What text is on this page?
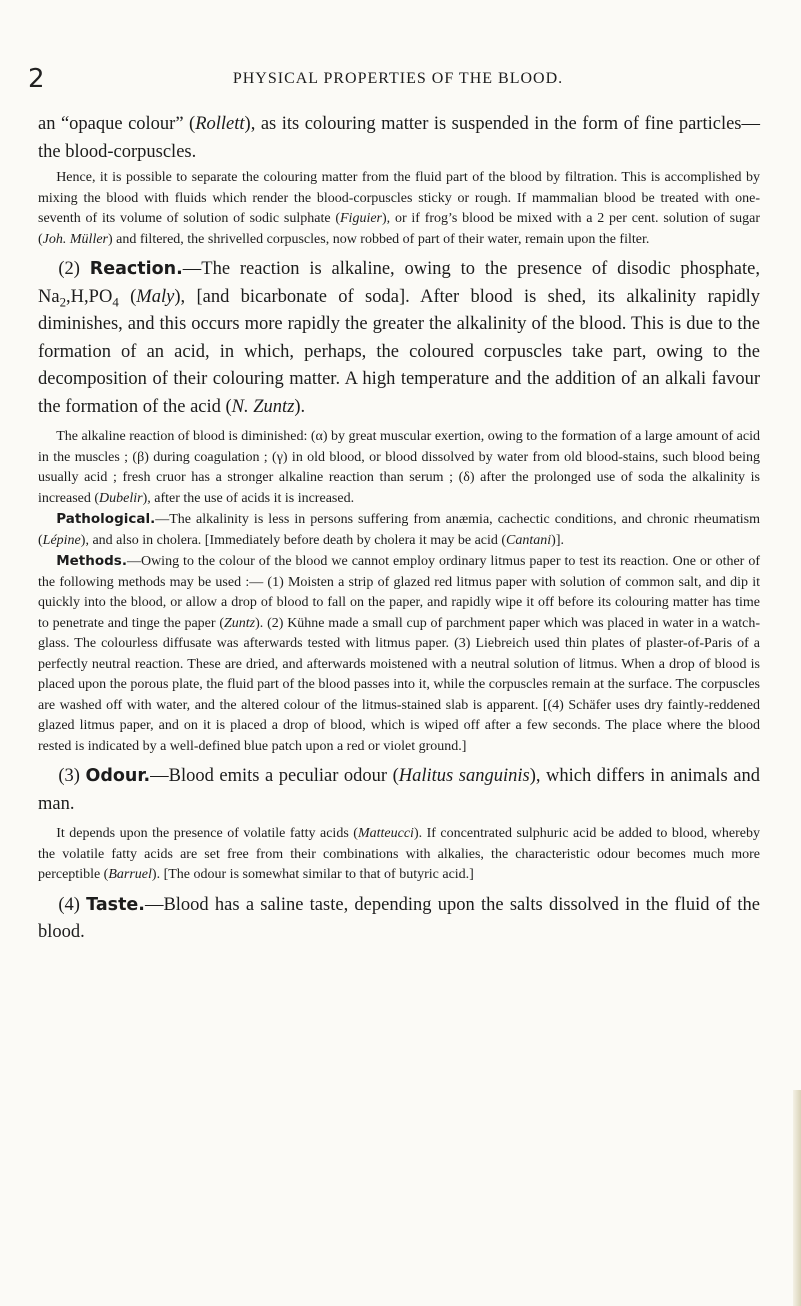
2	PHYSICAL PROPERTIES OF THE BLOOD.

an “opaque colour” (Rollett), as its colouring matter is suspended in the form of fine particles—the blood-corpuscles.

Hence, it is possible to separate the colouring matter from the fluid part of the blood by filtration. This is accomplished by mixing the blood with fluids which render the blood-corpuscles sticky or rough. If mammalian blood be treated with one-seventh of its volume of solution of sodic sulphate (Figuier), or if frog’s blood be mixed with a 2 per cent. solution of sugar (Joh. Müller) and filtered, the shrivelled corpuscles, now robbed of part of their water, remain upon the filter.

(2) Reaction.—The reaction is alkaline, owing to the presence of disodic phosphate, $Na_2,H,PO_4$ (Maly), [and bicarbonate of soda]. After blood is shed, its alkalinity rapidly diminishes, and this occurs more rapidly the greater the alkalinity of the blood. This is due to the formation of an acid, in which, perhaps, the coloured corpuscles take part, owing to the decomposition of their colouring matter. A high temperature and the addition of an alkali favour the formation of the acid (N. Zuntz).

The alkaline reaction of blood is diminished: (α) by great muscular exertion, owing to the formation of a large amount of acid in the muscles ; (β) during coagulation ; (γ) in old blood, or blood dissolved by water from old blood-stains, such blood being usually acid ; fresh cruor has a stronger alkaline reaction than serum ; (δ) after the prolonged use of soda the alkalinity is increased (Dubelir), after the use of acids it is increased.

Pathological.—The alkalinity is less in persons suffering from anæmia, cachectic conditions, and chronic rheumatism (Lépine), and also in cholera. [Immediately before death by cholera it may be acid (Cantani)].

Methods.—Owing to the colour of the blood we cannot employ ordinary litmus paper to test its reaction. One or other of the following methods may be used :— (1) Moisten a strip of glazed red litmus paper with solution of common salt, and dip it quickly into the blood, or allow a drop of blood to fall on the paper, and rapidly wipe it off before its colouring matter has time to penetrate and tinge the paper (Zuntz). (2) Kühne made a small cup of parchment paper which was placed in water in a watch-glass. The colourless diffusate was afterwards tested with litmus paper. (3) Liebreich used thin plates of plaster-of-Paris of a perfectly neutral reaction. These are dried, and afterwards moistened with a neutral solution of litmus. When a drop of blood is placed upon the porous plate, the fluid part of the blood passes into it, while the corpuscles remain at the surface. The corpuscles are washed off with water, and the altered colour of the litmus-stained slab is apparent. [(4) Schäfer uses dry faintly-reddened glazed litmus paper, and on it is placed a drop of blood, which is wiped off after a few seconds. The place where the blood rested is indicated by a well-defined blue patch upon a red or violet ground.]

(3) Odour.—Blood emits a peculiar odour (Halitus sanguinis), which differs in animals and man.

It depends upon the presence of volatile fatty acids (Matteucci). If concentrated sulphuric acid be added to blood, whereby the volatile fatty acids are set free from their combinations with alkalies, the characteristic odour becomes much more perceptible (Barruel). [The odour is somewhat similar to that of butyric acid.]

(4) Taste.—Blood has a saline taste, depending upon the salts dissolved in the fluid of the blood.
